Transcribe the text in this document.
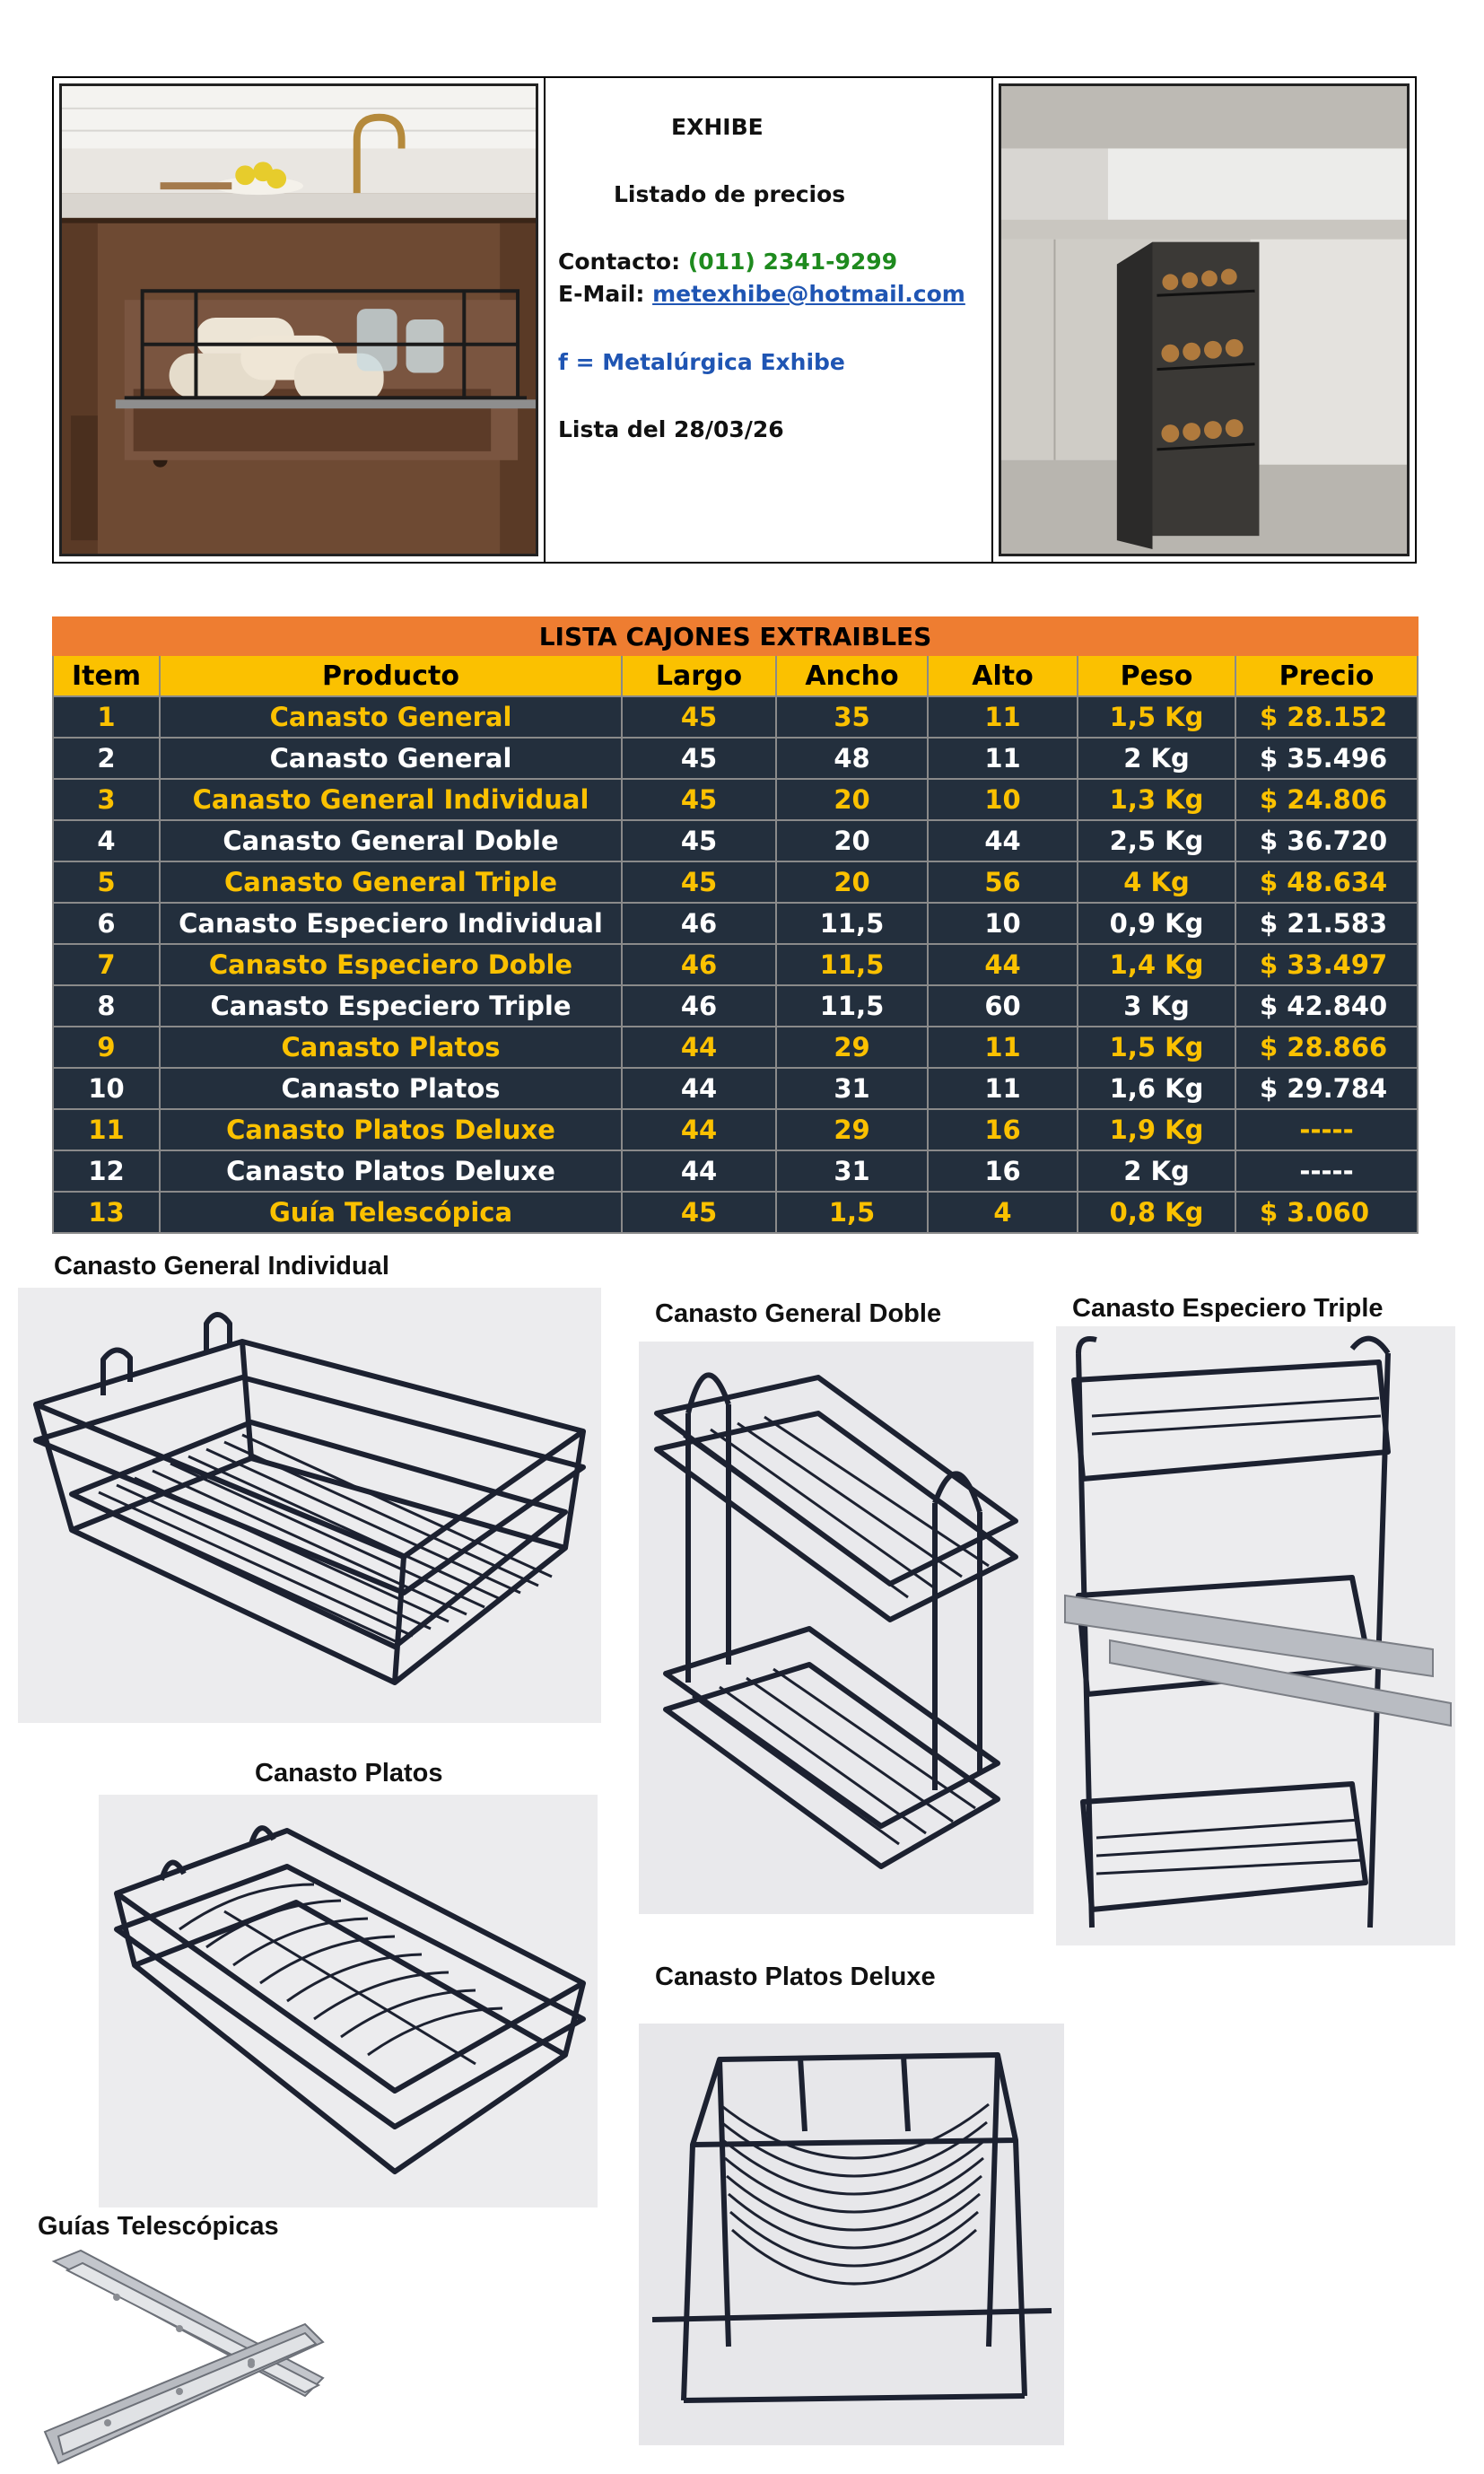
EXHIBE
Listado de precios
Contacto: (011) 2341-9299
E-Mail: metexhibe@hotmail.com
f = Metalúrgica Exhibe
Lista del 28/03/26
LISTA CAJONES EXTRAIBLES						
Item	Producto	Largo	Ancho	Alto	Peso	Precio
1	Canasto General	45	35	11	1,5 Kg	$ 28.152
2	Canasto General	45	48	11	2 Kg	$ 35.496
3	Canasto General Individual	45	20	10	1,3 Kg	$ 24.806
4	Canasto General Doble	45	20	44	2,5 Kg	$ 36.720
5	Canasto General Triple	45	20	56	4 Kg	$ 48.634
6	Canasto Especiero Individual	46	11,5	10	0,9 Kg	$ 21.583
7	Canasto Especiero Doble	46	11,5	44	1,4 Kg	$ 33.497
8	Canasto Especiero Triple	46	11,5	60	3 Kg	$ 42.840
9	Canasto Platos	44	29	11	1,5 Kg	$ 28.866
10	Canasto Platos	44	31	11	1,6 Kg	$ 29.784
11	Canasto Platos Deluxe	44	29	16	1,9 Kg	-----
12	Canasto Platos Deluxe	44	31	16	2 Kg	-----
13	Guía Telescópica	45	1,5	4	0,8 Kg	$ 3.060
Canasto General Individual
Canasto General Doble	Canasto Especiero Triple
Canasto Platos
Canasto Platos Deluxe
Guías Telescópicas
